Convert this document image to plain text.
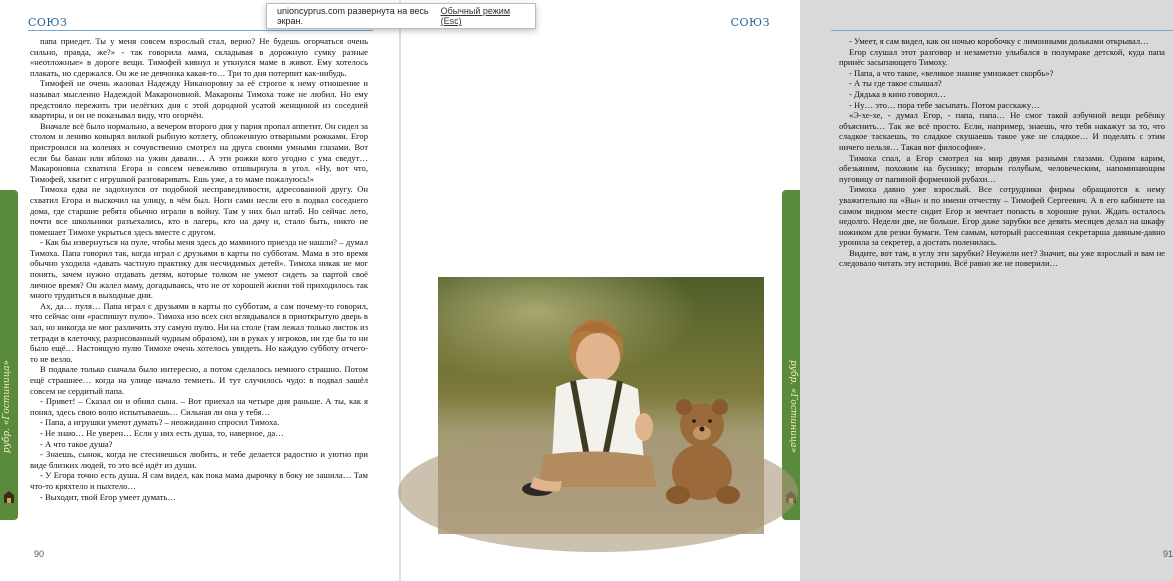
СОЮЗ

папа приедет. Ты у меня совсем взрослый стал, верно? Не будешь огорчаться очень сильно, правда, же?» - так говорила мама, складывая в дорожную сумку разные «неотложные» в дороге вещи. Тимофей кивнул и уткнулся маме в живот. Ему хотелось плакать, но сдержался. Он же не девчонка какая-то… Три то дня потерпит как-нибудь.

Тимофей не очень жаловал Надежду Никаноровну за её строгое к нему отношение и называл мысленно Надеждой Макароновной. Макароны Тимоха тоже не любил. Но ему предстояло пережить три нелёгких дня с этой дородной усатой женщиной из соседней квартиры, и он не показывал виду, что огорчён.

Вначале всё было нормально, а вечером второго дня у парня пропал аппетит. Он сидел за столом и лениво ковырял вилкой рыбную котлету, обложенную отварными рожками. Егор пристроился на коленях и сочувственно смотрел на друга своими умными глазами. Вот если бы банан или яблоко на ужин давали… А эти рожки кого угодно с ума сведут… Макароновна схватила Егора и совсем невежливо отшвырнула в угол. «Ну, вот что, Тимофей, хватит с игрушкой разговаривать. Ешь уже, а то маме пожалуюсь!»

Тимоха едва не задохнулся от подобной несправедливости, адресованной другу. Он схватил Егора и выскочил на улицу, в чём был. Ноги сами несли его в подвал соседнего дома, где старшие ребята обычно играли в войну. Там у них был штаб. Но сейчас лето, почти все школьники разъехались, кто в лагерь, кто на дачу и, стало быть, никто не помешает Тимохе укрыться здесь вместе с другом.

- Как бы извернуться на пуле, чтобы меня здесь до маминого приезда не нашли? – думал Тимоха. Папа говорил так, когда играл с друзьями в карты по субботам. Мама в это время обычно уходила «давать частную практику для несчидимых детей». Тимоха никак не мог понять, зачем нужно отдавать детям, которые толком не умеют сидеть за партой своё личное время? Он жалел маму, догадываясь, что не от хорошей жизни той приходилось так много трудиться в выходные дни.

Ах, да… пуля… Папа играл с друзьями в карты по субботам, а сам почему-то говорил, что сейчас они «распишут пулю». Тимоха изо всех сил вглядывался в приоткрытую дверь в зал, но никогда не мог различить эту самую пулю. Ни на столе (там лежал только листок из тетради в клеточку, разрисованный чудным образом), ни в руках у игроков, ни где бы то ни было ещё… Настоящую пулю Тимохе очень хотелось увидеть. Но каждую субботу отчего-то не везло.

В подвале только сначала было интересно, а потом сделалось немного страшно. Потом ещё страшнее… когда на улице начало темнеть. И тут случилось чудо: в подвал зашёл совсем не сердитый папа.

- Привет! – Сказал он и обнял сына. – Вот приехал на четыре дня раньше. А ты, как я понял, здесь свою волю испытываешь… Сильная ли она у тебя…

- Папа, а игрушки умеют думать? – неожиданно спросил Тимоха.

- Не знаю… Не уверен… Если у них есть душа, то, наверное, да…

- А что такое душа?

- Знаешь, сынок, когда не стесняешься любить, и тебе делается радостно и уютно при виде близких людей, то это всё идёт из души.

- У Егора точно есть душа. Я сам видел, как пока мама дырочку в боку не зашила… Там что-то кряхтело и пыхтело…

- Выходит, твой Егор умеет думать…

рубр. «Гостиница»
90
СОЮЗ

- Умеет, я сам видел, как он ночью коробочку с лимонными дольками открывал…

Егор слушал этот разговор и незаметно улыбался в полумраке детской, куда папа принёс засыпающего Тимоху.

- Папа, а что такое, «великое знание умножает скорбь»?

- А ты где такое слышал?

- Дядька в кино говорил…

- Ну… это… пора тебе засыпать. Потом расскажу…

«Э-хе-хе, - думал Егор, - папа, папа… Не смог такой азбучной вещи ребёнку объяснить… Так же всё просто. Если, например, знаешь, что тебя накажут за то, что сладкое таскаешь, то сладкое скушаешь такое уже не сладкое… И поделать с этим ничего нельзя… Такая вот философия».

Тимоха спал, а Егор смотрел на мир двумя разными глазами. Одним карим, обезьяним, похожим на бусинку; вторым голубым, человеческим, напоминающим пуговицу от папиной форменной рубахи…

Тимоха давно уже взрослый. Все сотрудники фирмы обращаются к нему уважительно на «Вы» и по имени отчеству – Тимофей Сергеевич. А в его кабинете на самом видном месте сидит Егор и мечтает попасть в хорошие руки. Ждать осталось недолго. Недели две, не больше. Егор даже зарубки все девять месяцев делал на шкафу ножиком для резки бумаги. Тем самым, который рассеянная секретарша давным-давно уронила за секретер, а достать поленилась.

Видите, вот там, в углу эти зарубки? Неужели нет? Значит, вы уже взрослый и вам не следовало читать эту историю. Всё равно же не поверили…

рубр. «Гостиница»
91
unioncyprus.com развернута на весь экран.
Обычный режим (Esc)
